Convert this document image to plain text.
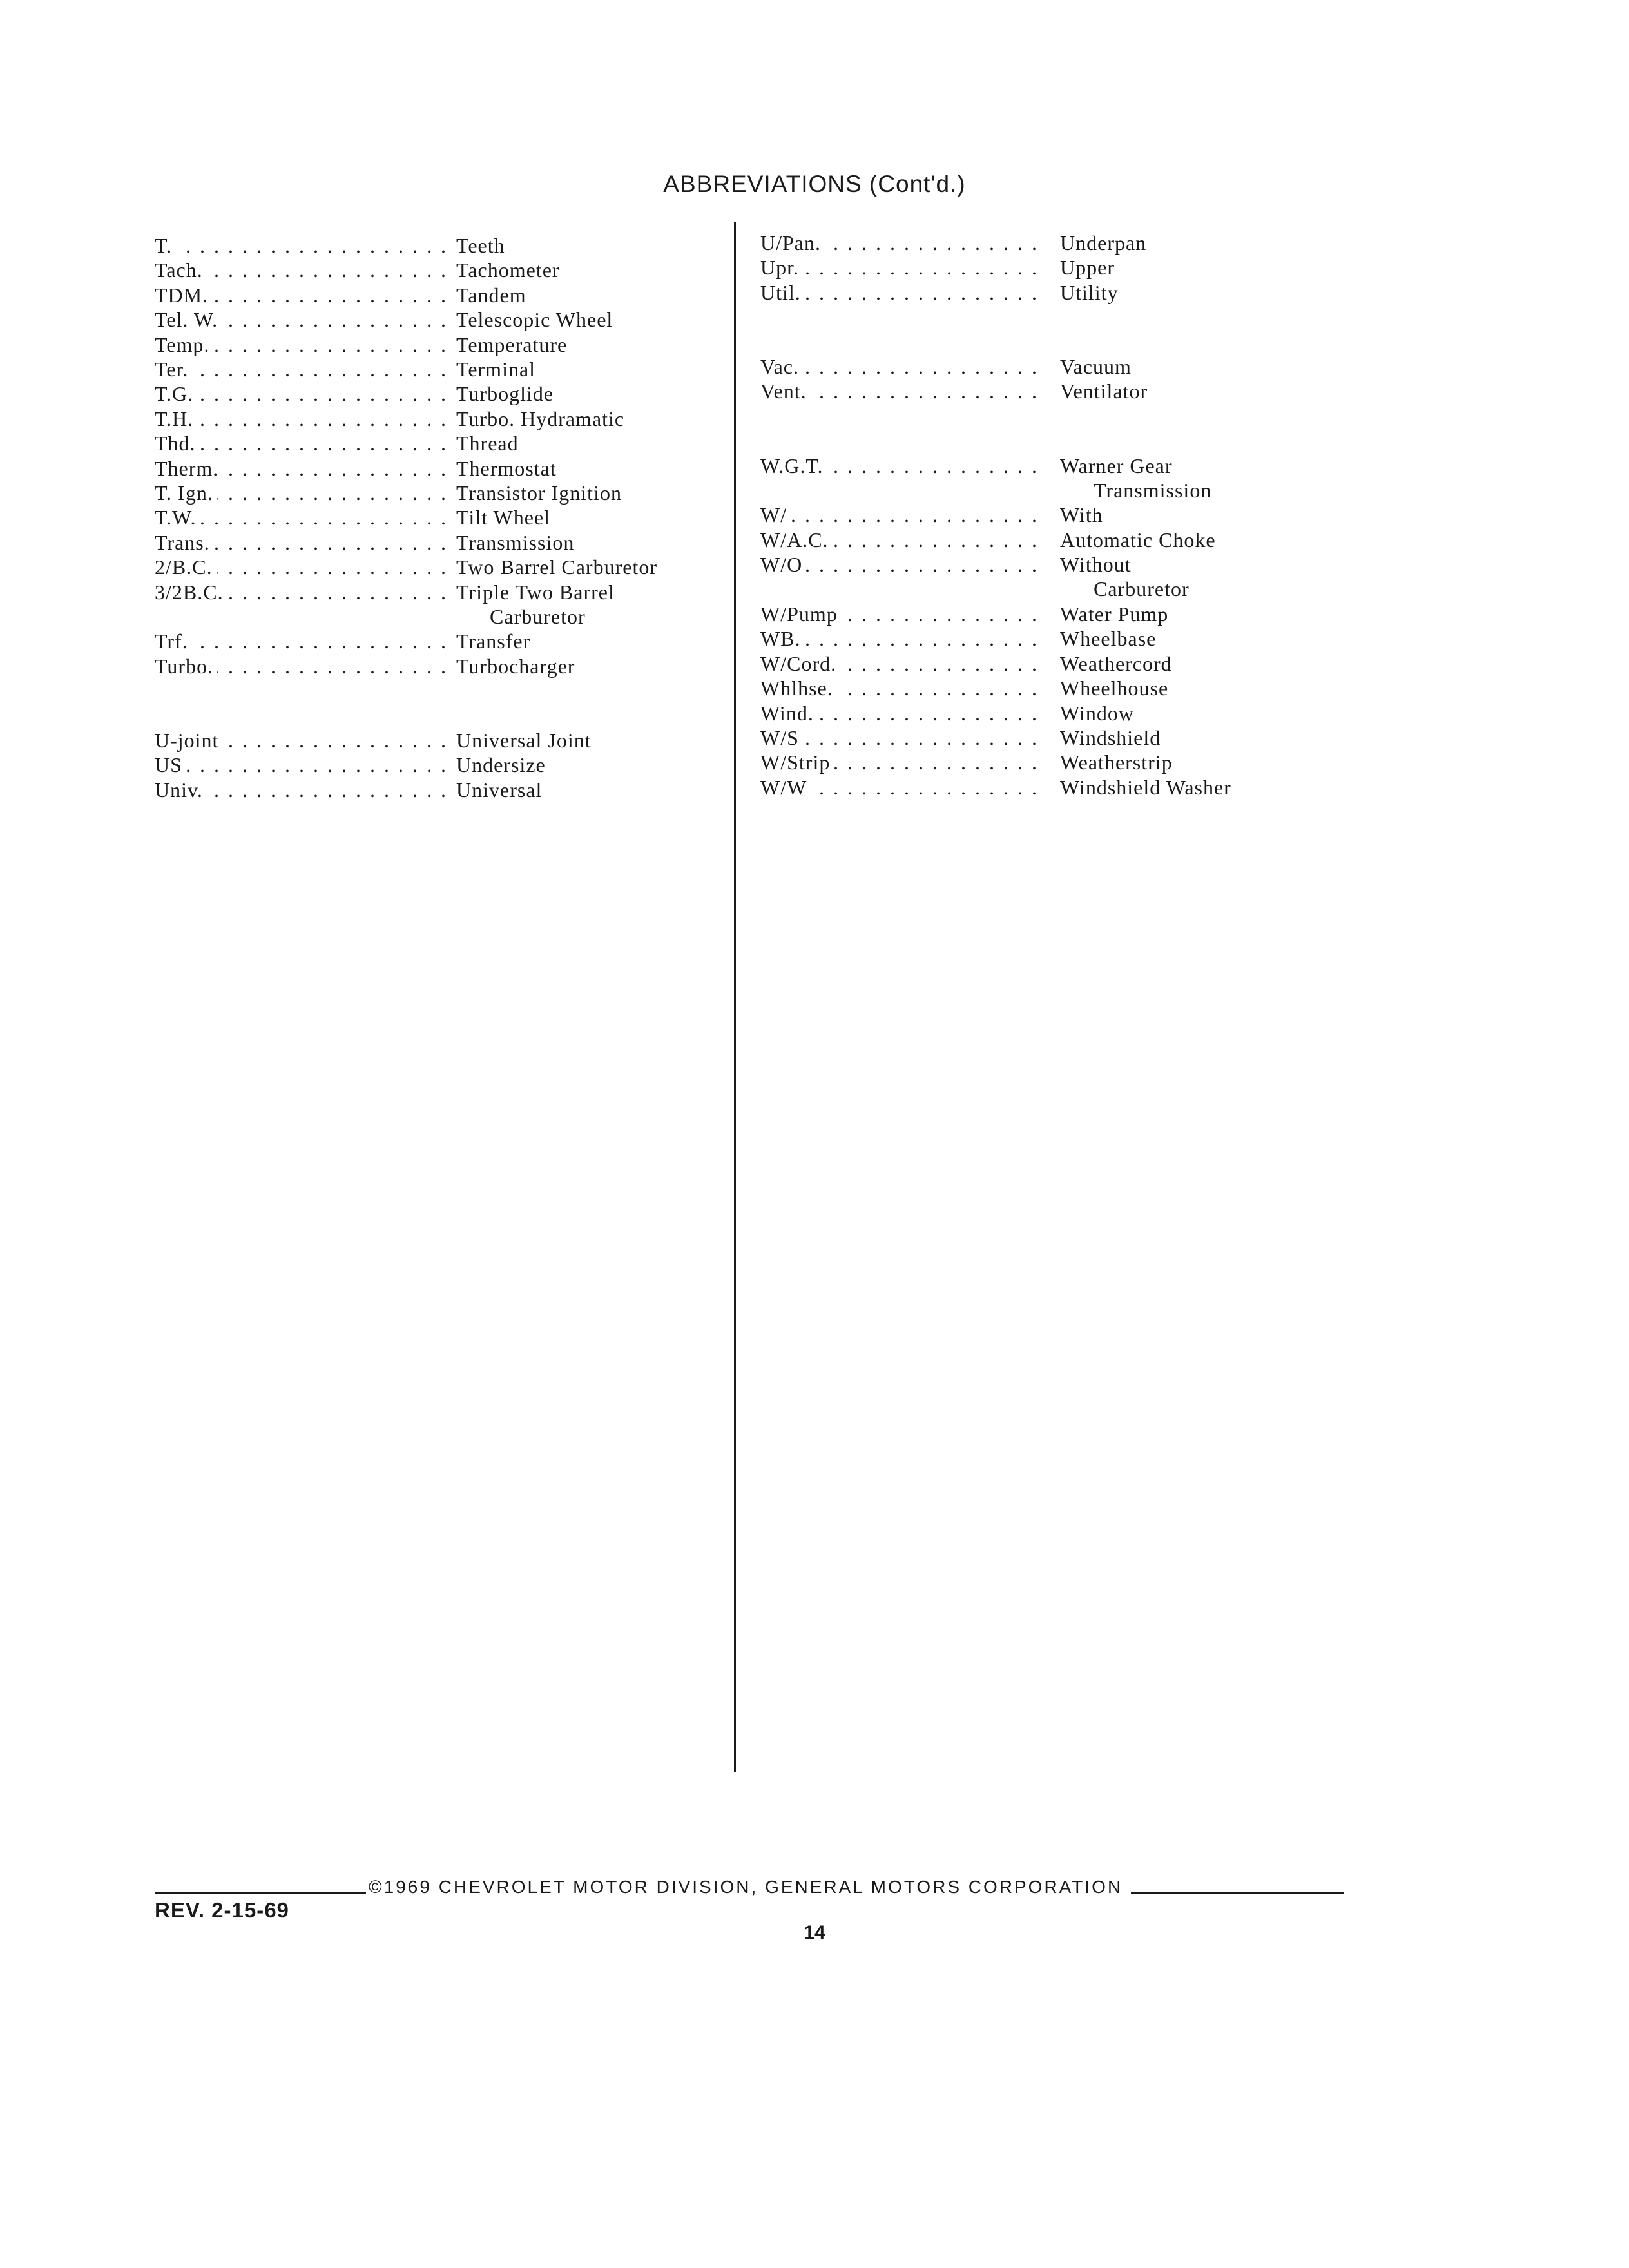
ABBREVIATIONS (Cont'd.)
T. . . .	Teeth
Tach. . . .	Tachometer
TDM. . . .	Tandem
Tel. W. . . .	Telescopic Wheel
Temp. . . .	Temperature
Ter. . . .	Terminal
T.G. . . .	Turboglide
T.H. . . .	Turbo. Hydramatic
Thd. . . .	Thread
Therm. . . .	Thermostat
T. Ign. . . .	Transistor Ignition
T.W. . . .	Tilt Wheel
Trans. . . .	Transmission
2/B.C. . . .	Two Barrel Carburetor
3/2B.C. . . .	Triple Two Barrel
Carburetor
Trf. . . .	Transfer
Turbo. . . .	Turbocharger
U-joint . . .	Universal Joint
US . . .	Undersize
Univ. . . .	Universal
U/Pan. . . .	Underpan
Upr. . . .	Upper
Util. . . .	Utility
Vac. . . .	Vacuum
Vent. . . .	Ventilator
W.G.T. . . .	Warner Gear
Transmission
W/ . . .	With
W/A.C. . . .	Automatic Choke
W/O . . .	Without
Carburetor
W/Pump . . .	Water Pump
WB. . . .	Wheelbase
W/Cord. . . .	Weathercord
Whlhse. . . .	Wheelhouse
Wind. . . .	Window
W/S . . .	Windshield
W/Strip . . .	Weatherstrip
W/W . . .	Windshield Washer
©1969 CHEVROLET MOTOR DIVISION, GENERAL MOTORS CORPORATION
REV. 2-15-69
14
